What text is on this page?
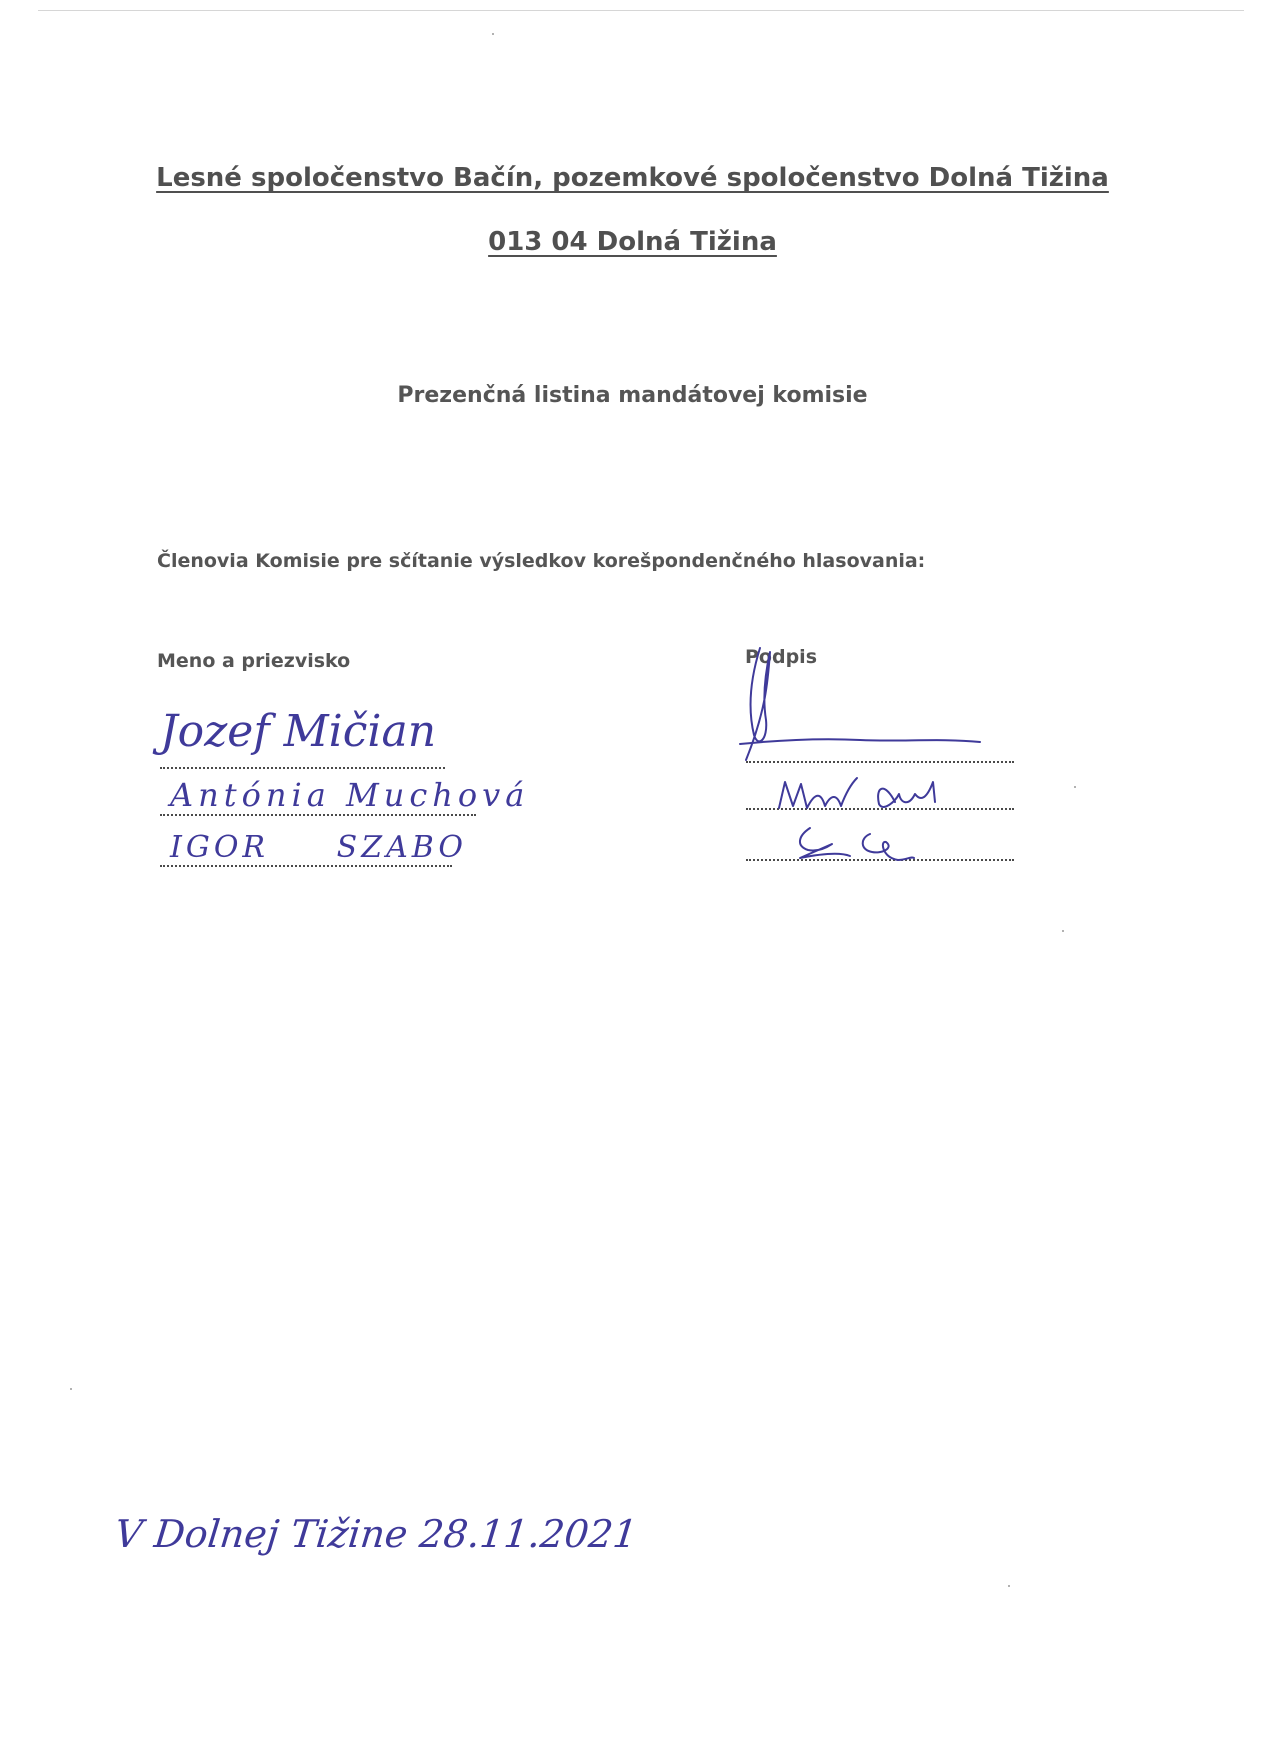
Lesné spoločenstvo Bačín, pozemkové spoločenstvo Dolná Tižina
013 04 Dolná Tižina
Prezenčná listina mandátovej komisie
Členovia Komisie pre sčítanie výsledkov korešpondenčného hlasovania:
Meno a priezvisko	Podpis
Jozef Mičian
Antónia Muchová
IGOR     SZABO
V Dolnej Tižine 28.11.2021
